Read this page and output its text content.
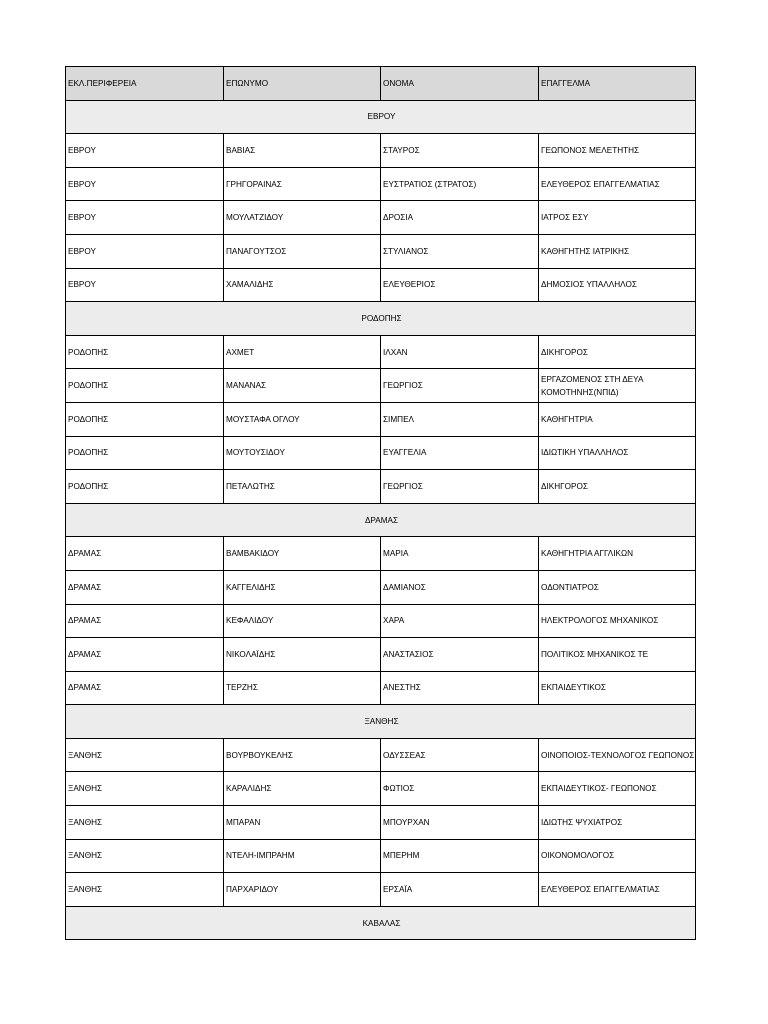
ΕΚΛ.ΠΕΡΙΦΕΡΕΙΑ	ΕΠΩΝΥΜΟ	ΟΝΟΜΑ	ΕΠΑΓΓΕΛΜΑ
ΕΒΡΟΥ			
ΕΒΡΟΥ	ΒΑΒΙΑΣ	ΣΤΑΥΡΟΣ	ΓΕΩΠΟΝΟΣ ΜΕΛΕΤΗΤΗΣ
ΕΒΡΟΥ	ΓΡΗΓΟΡΑΙΝΑΣ	ΕΥΣΤΡΑΤΙΟΣ (ΣΤΡΑΤΟΣ)	ΕΛΕΥΘΕΡΟΣ ΕΠΑΓΓΕΛΜΑΤΙΑΣ
ΕΒΡΟΥ	ΜΟΥΛΑΤΖΙΔΟΥ	ΔΡΟΣΙΑ	ΙΑΤΡΟΣ ΕΣΥ
ΕΒΡΟΥ	ΠΑΝΑΓΟΥΤΣΟΣ	ΣΤΥΛΙΑΝΟΣ	ΚΑΘΗΓΗΤΗΣ ΙΑΤΡΙΚΗΣ
ΕΒΡΟΥ	ΧΑΜΑΛΙΔΗΣ	ΕΛΕΥΘΕΡΙΟΣ	ΔΗΜΟΣΙΟΣ ΥΠΑΛΛΗΛΟΣ
ΡΟΔΟΠΗΣ			
ΡΟΔΟΠΗΣ	ΑΧΜΕΤ	ΙΛΧΑΝ	ΔΙΚΗΓΟΡΟΣ
ΡΟΔΟΠΗΣ	ΜΑΝΑΝΑΣ	ΓΕΩΡΓΙΟΣ	ΕΡΓΑΖΟΜΕΝΟΣ ΣΤΗ ΔΕΥΑ ΚΟΜΟΤΗΝΗΣ(ΝΠΙΔ)
ΡΟΔΟΠΗΣ	ΜΟΥΣΤΑΦΑ ΟΓΛΟΥ	ΣΙΜΠΕΛ	ΚΑΘΗΓΗΤΡΙΑ
ΡΟΔΟΠΗΣ	ΜΟΥΤΟΥΣΙΔΟΥ	ΕΥΑΓΓΕΛΙΑ	ΙΔΙΩΤΙΚΗ ΥΠΑΛΛΗΛΟΣ
ΡΟΔΟΠΗΣ	ΠΕΤΑΛΩΤΗΣ	ΓΕΩΡΓΙΟΣ	ΔΙΚΗΓΟΡΟΣ
ΔΡΑΜΑΣ			
ΔΡΑΜΑΣ	ΒΑΜΒΑΚΙΔΟΥ	ΜΑΡΙΑ	ΚΑΘΗΓΗΤΡΙΑ ΑΓΓΛΙΚΩΝ
ΔΡΑΜΑΣ	ΚΑΓΓΕΛΙΔΗΣ	ΔΑΜΙΑΝΟΣ	ΟΔΟΝΤΙΑΤΡΟΣ
ΔΡΑΜΑΣ	ΚΕΦΑΛΙΔΟΥ	ΧΑΡΑ	ΗΛΕΚΤΡΟΛΟΓΟΣ ΜΗΧΑΝΙΚΟΣ
ΔΡΑΜΑΣ	ΝΙΚΟΛΑΪΔΗΣ	ΑΝΑΣΤΑΣΙΟΣ	ΠΟΛΙΤΙΚΟΣ ΜΗΧΑΝΙΚΟΣ ΤΕ
ΔΡΑΜΑΣ	ΤΕΡΖΗΣ	ΑΝΕΣΤΗΣ	ΕΚΠΑΙΔΕΥΤΙΚΟΣ
ΞΑΝΘΗΣ			
ΞΑΝΘΗΣ	ΒΟΥΡΒΟΥΚΕΛΗΣ	ΟΔΥΣΣΕΑΣ	ΟΙΝΟΠΟΙΟΣ-ΤΕΧΝΟΛΟΓΟΣ ΓΕΩΠΟΝΟΣ
ΞΑΝΘΗΣ	ΚΑΡΑΛΙΔΗΣ	ΦΩΤΙΟΣ	ΕΚΠΑΙΔΕΥΤΙΚΟΣ- ΓΕΩΠΟΝΟΣ
ΞΑΝΘΗΣ	ΜΠΑΡΑΝ	ΜΠΟΥΡΧΑΝ	ΙΔΙΩΤΗΣ ΨΥΧΙΑΤΡΟΣ
ΞΑΝΘΗΣ	ΝΤΕΛΗ-ΙΜΠΡΑΗΜ	ΜΠΕΡΗΜ	ΟΙΚΟΝΟΜΟΛΟΓΟΣ
ΞΑΝΘΗΣ	ΠΑΡΧΑΡΙΔΟΥ	ΕΡΣΑΪΑ	ΕΛΕΥΘΕΡΟΣ ΕΠΑΓΓΕΛΜΑΤΙΑΣ
ΚΑΒΑΛΑΣ			
